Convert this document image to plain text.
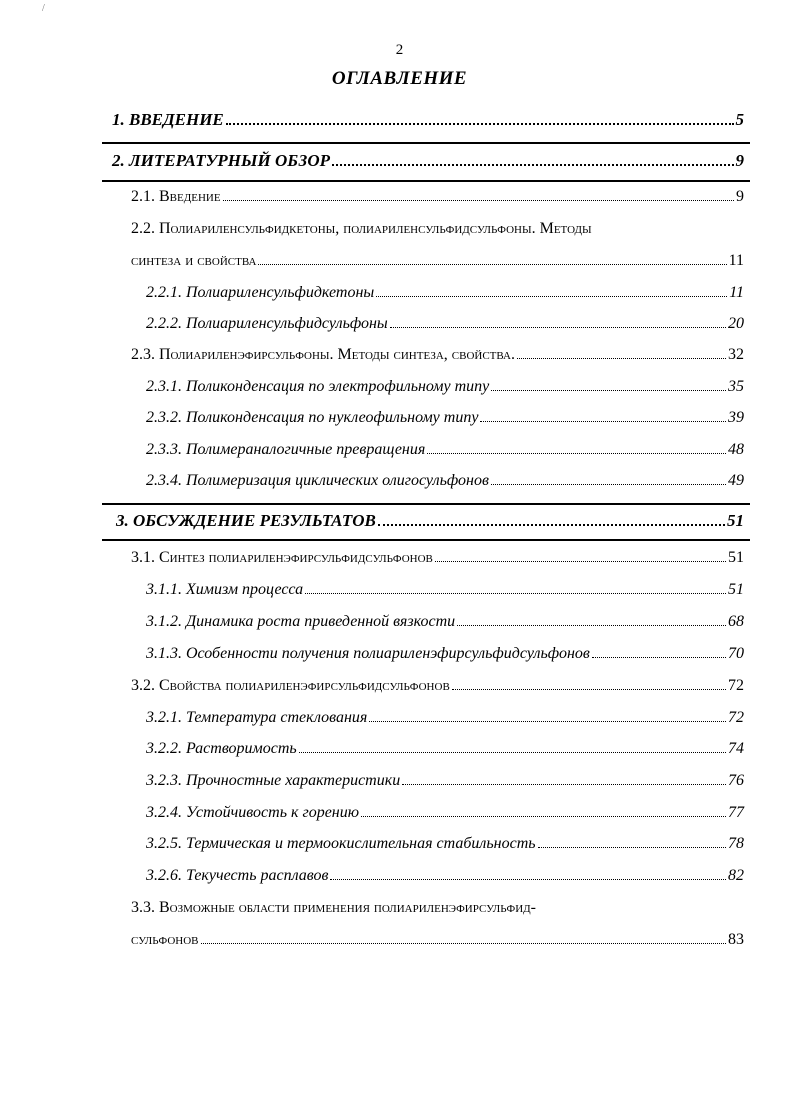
/
2
ОГЛАВЛЕНИЕ
1. ВВЕДЕНИЕ	5
2. ЛИТЕРАТУРНЫЙ ОБЗОР	9
2.1. Введение	9
2.2. Полиариленсульфидкетоны, полиариленсульфидсульфоны. Методы
синтеза и свойства	11
2.2.1. Полиариленсульфидкетоны	11
2.2.2. Полиариленсульфидсульфоны	20
2.3. Полиариленэфирсульфоны. Методы синтеза, свойства.	32
2.3.1. Поликонденсация по электрофильному типу	35
2.3.2. Поликонденсация по нуклеофильному типу	39
2.3.3. Полимераналогичные превращения	48
2.3.4. Полимеризация циклических олигосульфонов	49
3. ОБСУЖДЕНИЕ РЕЗУЛЬТАТОВ	51
3.1. Синтез полиариленэфирсульфидсульфонов	51
3.1.1. Химизм процесса	51
3.1.2. Динамика роста приведенной вязкости	68
3.1.3. Особенности получения полиариленэфирсульфидсульфонов	70
3.2. Свойства полиариленэфирсульфидсульфонов	72
3.2.1. Температура стеклования	72
3.2.2. Растворимость	74
3.2.3. Прочностные характеристики	76
3.2.4. Устойчивость к горению	77
3.2.5. Термическая и термоокислительная стабильность	78
3.2.6. Текучесть расплавов	82
3.3. Возможные области применения полиариленэфирсульфид-
сульфонов	83
